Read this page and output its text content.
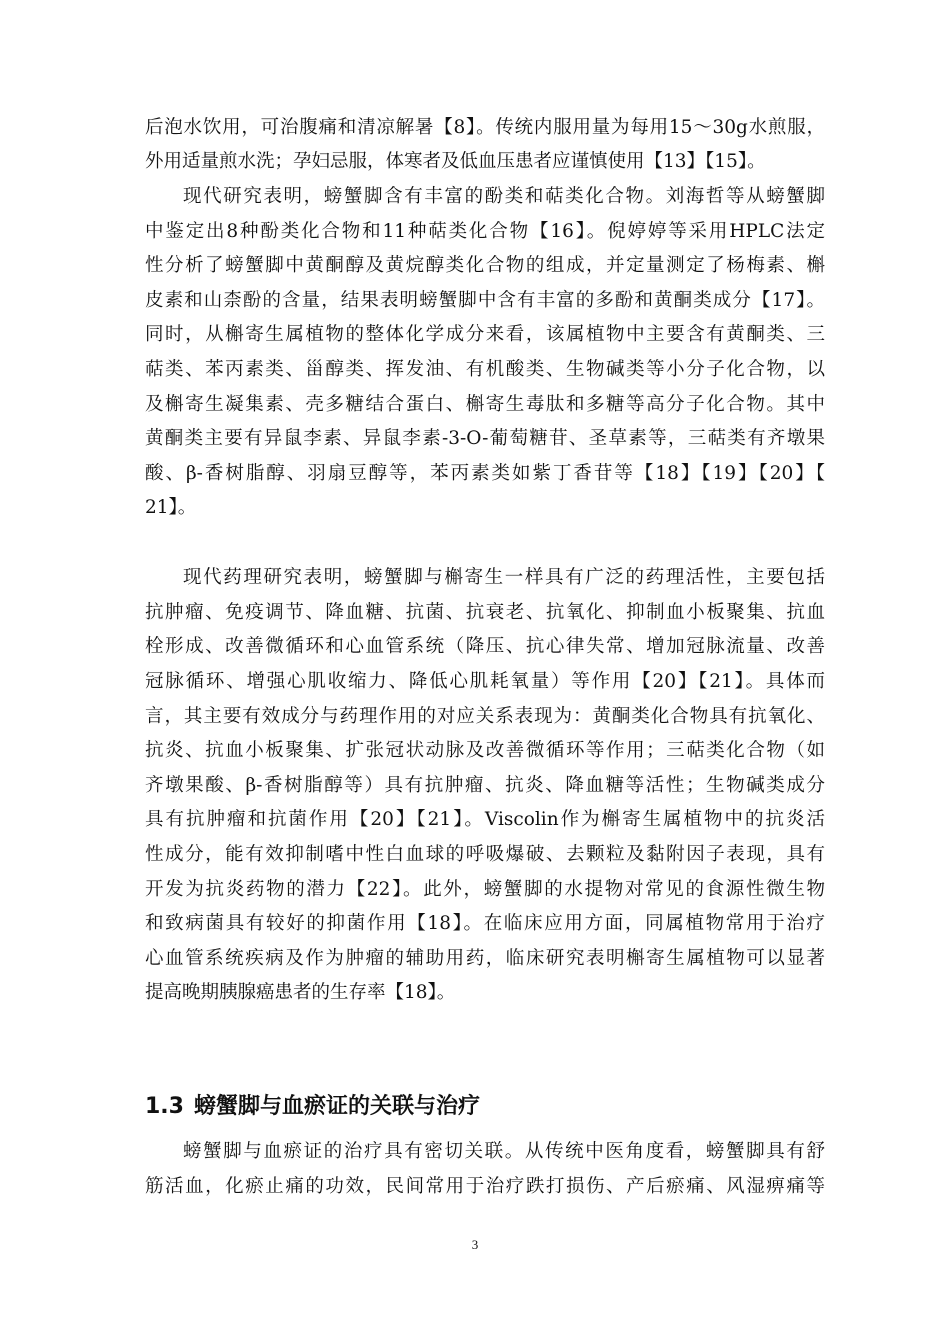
后泡水饮用，可治腹痛和清凉解暑【8】。传统内服用量为每用15～30g水煎服，
外用适量煎水洗；孕妇忌服，体寒者及低血压患者应谨慎使用【13】【15】。
现代研究表明，螃蟹脚含有丰富的酚类和萜类化合物。刘海哲等从螃蟹脚
中鉴定出8种酚类化合物和11种萜类化合物【16】。倪婷婷等采用HPLC法定
性分析了螃蟹脚中黄酮醇及黄烷醇类化合物的组成，并定量测定了杨梅素、槲
皮素和山柰酚的含量，结果表明螃蟹脚中含有丰富的多酚和黄酮类成分【17】。
同时，从槲寄生属植物的整体化学成分来看，该属植物中主要含有黄酮类、三
萜类、苯丙素类、甾醇类、挥发油、有机酸类、生物碱类等小分子化合物，以
及槲寄生凝集素、壳多糖结合蛋白、槲寄生毒肽和多糖等高分子化合物。其中
黄酮类主要有异鼠李素、异鼠李素-3-O-葡萄糖苷、圣草素等，三萜类有齐墩果
酸、β-香树脂醇、羽扇豆醇等，苯丙素类如紫丁香苷等【18】【19】【20】【
21】。
现代药理研究表明，螃蟹脚与槲寄生一样具有广泛的药理活性，主要包括
抗肿瘤、免疫调节、降血糖、抗菌、抗衰老、抗氧化、抑制血小板聚集、抗血
栓形成、改善微循环和心血管系统（降压、抗心律失常、增加冠脉流量、改善
冠脉循环、增强心肌收缩力、降低心肌耗氧量）等作用【20】【21】。具体而
言，其主要有效成分与药理作用的对应关系表现为：黄酮类化合物具有抗氧化、
抗炎、抗血小板聚集、扩张冠状动脉及改善微循环等作用；三萜类化合物（如
齐墩果酸、β-香树脂醇等）具有抗肿瘤、抗炎、降血糖等活性；生物碱类成分
具有抗肿瘤和抗菌作用【20】【21】。Viscolin作为槲寄生属植物中的抗炎活
性成分，能有效抑制嗜中性白血球的呼吸爆破、去颗粒及黏附因子表现，具有
开发为抗炎药物的潜力【22】。此外，螃蟹脚的水提物对常见的食源性微生物
和致病菌具有较好的抑菌作用【18】。在临床应用方面，同属植物常用于治疗
心血管系统疾病及作为肿瘤的辅助用药，临床研究表明槲寄生属植物可以显著
提高晚期胰腺癌患者的生存率【18】。
1.3 螃蟹脚与血瘀证的关联与治疗
螃蟹脚与血瘀证的治疗具有密切关联。从传统中医角度看，螃蟹脚具有舒
筋活血，化瘀止痛的功效，民间常用于治疗跌打损伤、产后瘀痛、风湿痹痛等
3
